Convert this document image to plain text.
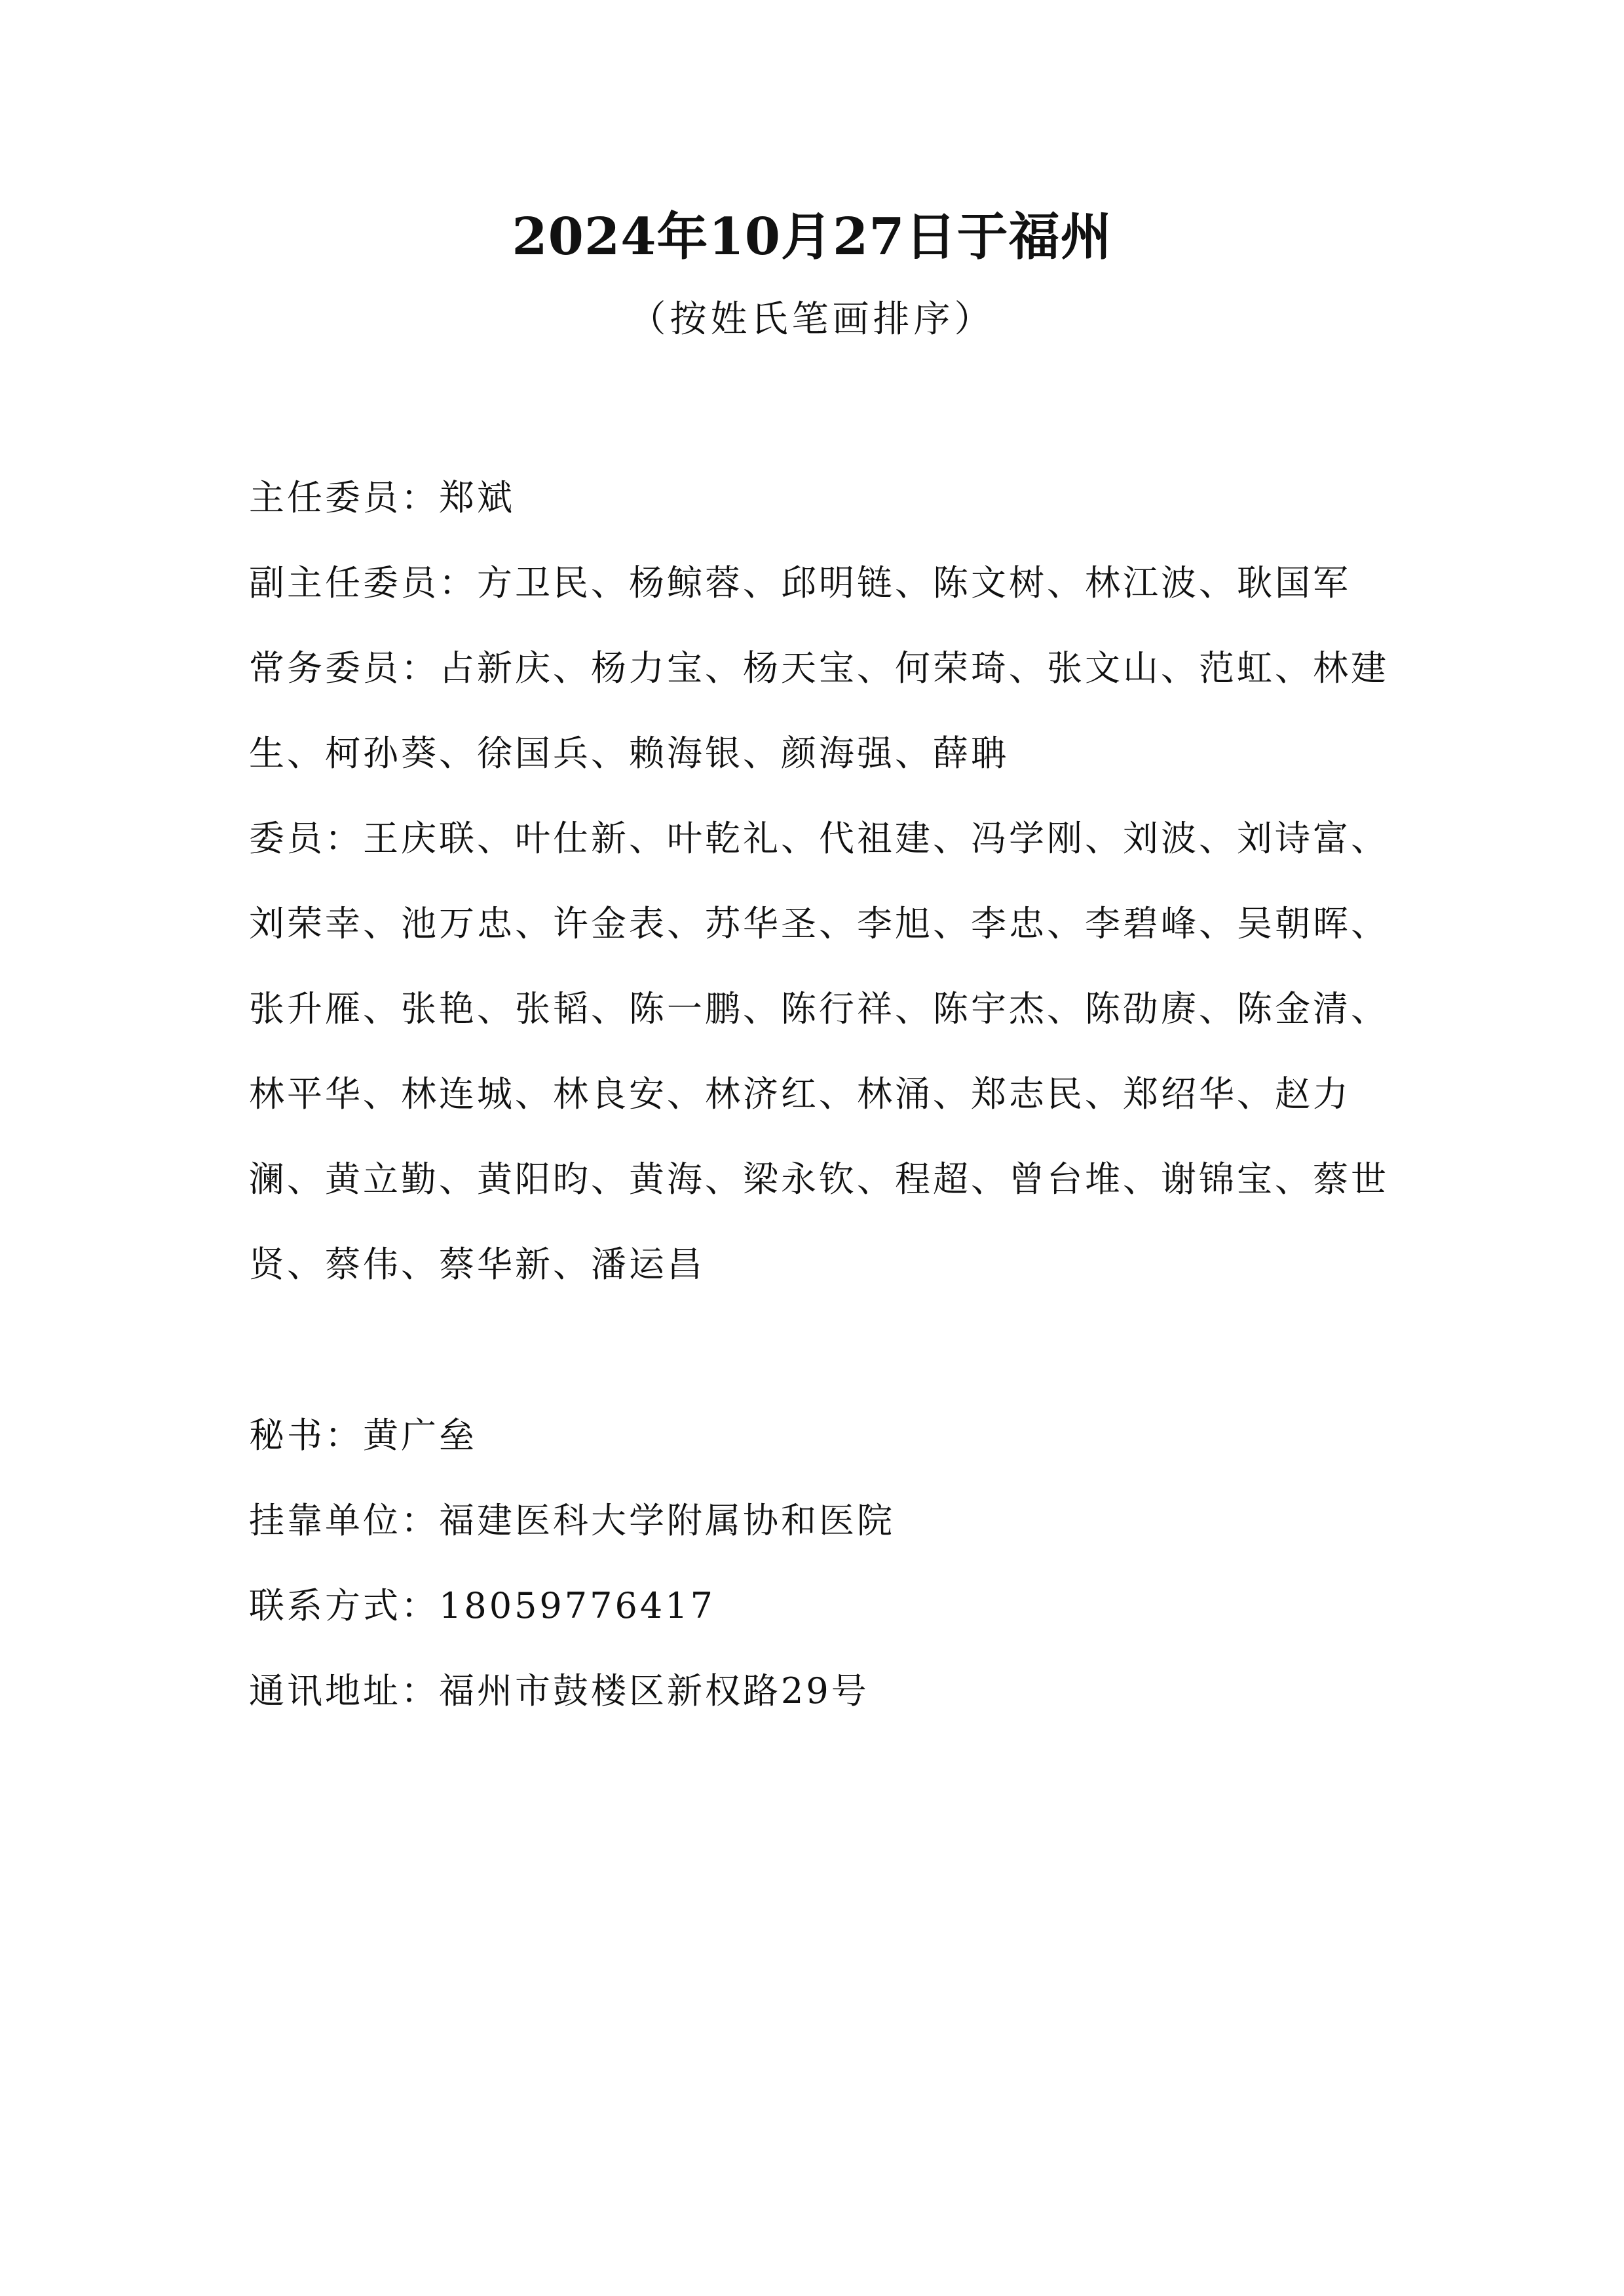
2024年10月27日于福州
（按姓氏笔画排序）

主任委员：郑斌

副主任委员：方卫民、杨鲸蓉、邱明链、陈文树、林江波、耿国军

常务委员：占新庆、杨力宝、杨天宝、何荣琦、张文山、范虹、林建生、柯孙葵、徐国兵、赖海银、颜海强、薛聃

委员：王庆联、叶仕新、叶乾礼、代祖建、冯学刚、刘波、刘诗富、刘荣幸、池万忠、许金表、苏华圣、李旭、李忠、李碧峰、吴朝晖、张升雁、张艳、张韬、陈一鹏、陈行祥、陈宇杰、陈劭赓、陈金清、林平华、林连城、林良安、林济红、林涌、郑志民、郑绍华、赵力澜、黄立勤、黄阳昀、黄海、梁永钦、程超、曾台堆、谢锦宝、蔡世贤、蔡伟、蔡华新、潘运昌

秘书：黄广垒

挂靠单位：福建医科大学附属协和医院

联系方式：18059776417

通讯地址：福州市鼓楼区新权路29号
